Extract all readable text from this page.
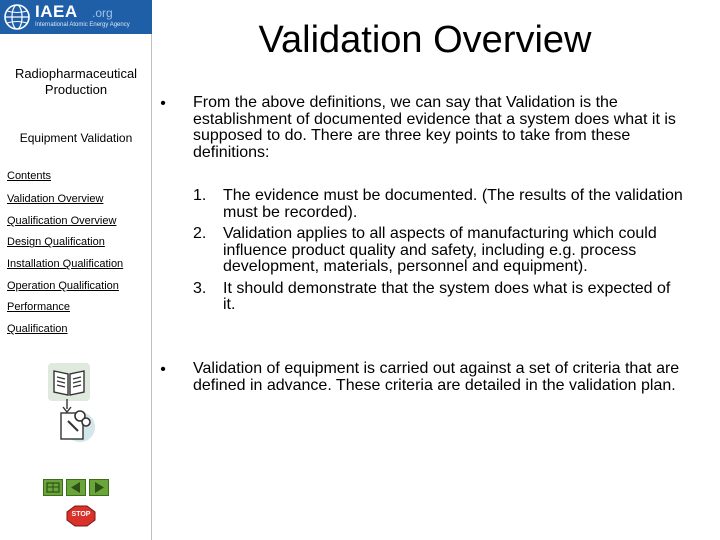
IAEA .org
International Atomic Energy Agency
Radiopharmaceutical Production
Equipment Validation
Contents
Validation Overview
Qualification Overview
Design Qualification
Installation Qualification
Operation Qualification
Performance
Qualification
STOP
Validation Overview
• From the above definitions, we can say that Validation is the establishment of documented evidence that a system does what it is supposed to do. There are three key points to take from these definitions:
1. The evidence must be documented. (The results of the validation must be recorded).
2. Validation applies to all aspects of manufacturing which could influence product quality and safety, including e.g. process development, materials, personnel and equipment).
3. It should demonstrate that the system does what is expected of it.
• Validation of equipment is carried out against a set of criteria that are defined in advance. These criteria are detailed in the validation plan.
